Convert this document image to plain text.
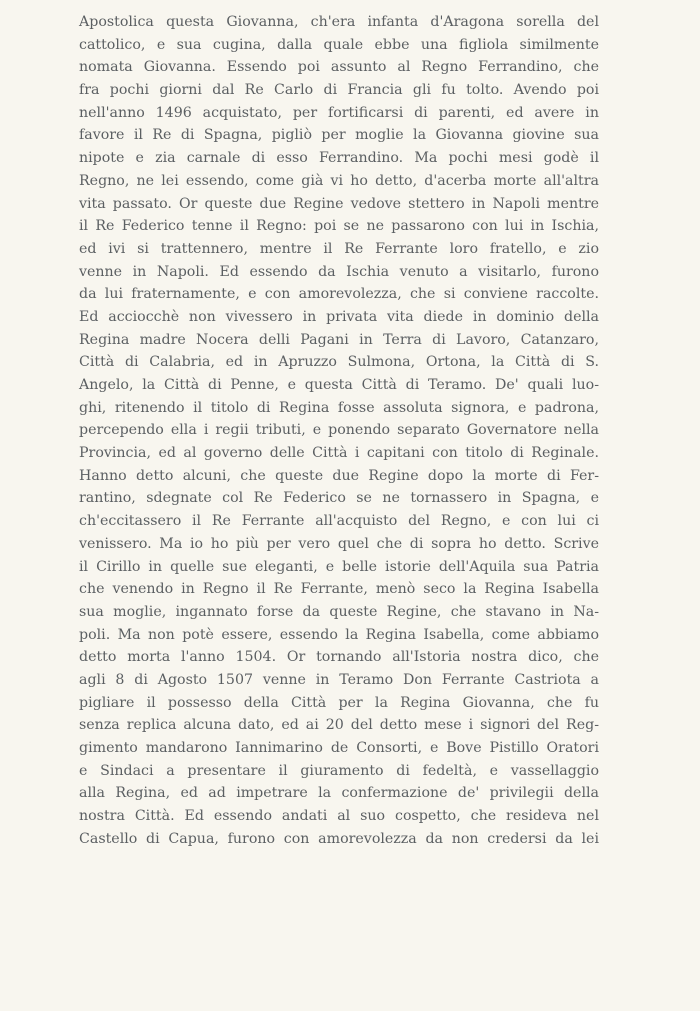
Apostolica questa Giovanna, ch'era infanta d'Aragona sorella del
cattolico, e sua cugina, dalla quale ebbe una figliola similmente
nomata Giovanna. Essendo poi assunto al Regno Ferrandino, che
fra pochi giorni dal Re Carlo di Francia gli fu tolto. Avendo poi
nell'anno 1496 acquistato, per fortificarsi di parenti, ed avere in
favore il Re di Spagna, pigliò per moglie la Giovanna giovine sua
nipote e zia carnale di esso Ferrandino. Ma pochi mesi godè il
Regno, ne lei essendo, come già vi ho detto, d'acerba morte all'altra
vita passato. Or queste due Regine vedove stettero in Napoli mentre
il Re Federico tenne il Regno: poi se ne passarono con lui in Ischia,
ed ivi si trattennero, mentre il Re Ferrante loro fratello, e zio
venne in Napoli. Ed essendo da Ischia venuto a visitarlo, furono
da lui fraternamente, e con amorevolezza, che si conviene raccolte.
Ed acciocchè non vivessero in privata vita diede in dominio della
Regina madre Nocera delli Pagani in Terra di Lavoro, Catanzaro,
Città di Calabria, ed in Apruzzo Sulmona, Ortona, la Città di S.
Angelo, la Città di Penne, e questa Città di Teramo. De' quali luo-
ghi, ritenendo il titolo di Regina fosse assoluta signora, e padrona,
percependo ella i regii tributi, e ponendo separato Governatore nella
Provincia, ed al governo delle Città i capitani con titolo di Reginale.
Hanno detto alcuni, che queste due Regine dopo la morte di Fer-
rantino, sdegnate col Re Federico se ne tornassero in Spagna, e
ch'eccitassero il Re Ferrante all'acquisto del Regno, e con lui ci
venissero. Ma io ho più per vero quel che di sopra ho detto. Scrive
il Cirillo in quelle sue eleganti, e belle istorie dell'Aquila sua Patria
che venendo in Regno il Re Ferrante, menò seco la Regina Isabella
sua moglie, ingannato forse da queste Regine, che stavano in Na-
poli. Ma non potè essere, essendo la Regina Isabella, come abbiamo
detto morta l'anno 1504. Or tornando all'Istoria nostra dico, che
agli 8 di Agosto 1507 venne in Teramo Don Ferrante Castriota a
pigliare il possesso della Città per la Regina Giovanna, che fu
senza replica alcuna dato, ed ai 20 del detto mese i signori del Reg-
gimento mandarono Iannimarino de Consorti, e Bove Pistillo Oratori
e Sindaci a presentare il giuramento di fedeltà, e vassellaggio
alla Regina, ed ad impetrare la confermazione de' privilegii della
nostra Città. Ed essendo andati al suo cospetto, che resideva nel
Castello di Capua, furono con amorevolezza da non credersi da lei
